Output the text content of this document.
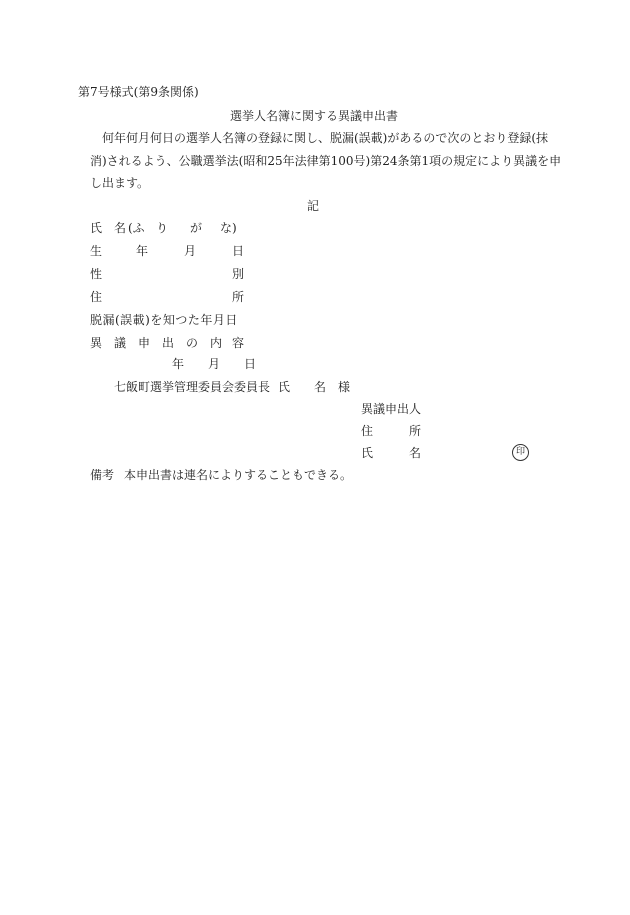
第7号様式(第9条関係)
選挙人名簿に関する異議申出書
何年何月何日の選挙人名簿の登録に関し、脱漏(誤載)があるので次のとおり登録(抹
消)されるよう、公職選挙法(昭和25年法律第100号)第24条第1項の規定により異議を申
し出ます。
記
氏 名 (ふ り が な)
生	年	月	日
性	別
住	所
脱漏(誤載)を知つた年月日
異 議 申 出 の 内 容
年 月 日
七飯町選挙管理委員会委員長 氏 名 様
異議申出人
住	所
氏	名	印
備考 本申出書は連名によりすることもできる。
